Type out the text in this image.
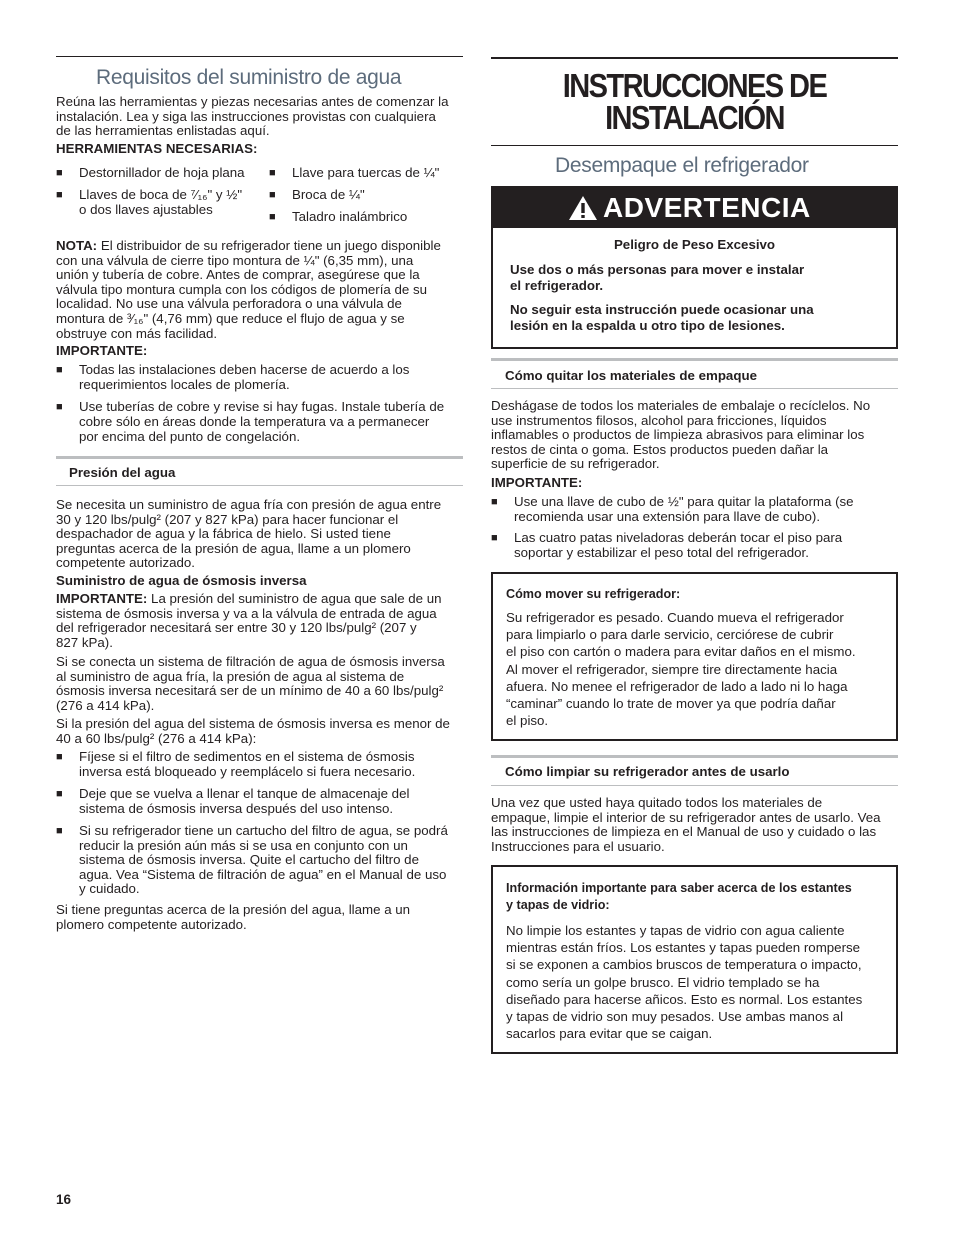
Requisitos del suministro de agua

Reúna las herramientas y piezas necesarias antes de comenzar la

instalación. Lea y siga las instrucciones provistas con cualquiera

de las herramientas enlistadas aquí.

HERRAMIENTAS NECESARIAS:

■ Destornillador de hoja plana
■ Llaves de boca de ⁷⁄₁₆" y ½"
o dos llaves ajustables
■ Llave para tuercas de ¼"
■ Broca de ¼"
■ Taladro inalámbrico

NOTA: El distribuidor de su refrigerador tiene un juego disponible

con una válvula de cierre tipo montura de ¼" (6,35 mm), una

unión y tubería de cobre. Antes de comprar, asegúrese que la

válvula tipo montura cumpla con los códigos de plomería de su

localidad. No use una válvula perforadora o una válvula de

montura de ³⁄₁₆" (4,76 mm) que reduce el flujo de agua y se

obstruye con más facilidad.

IMPORTANTE:

■ Todas las instalaciones deben hacerse de acuerdo a los
requerimientos locales de plomería.
■ Use tuberías de cobre y revise si hay fugas. Instale tubería de
cobre sólo en áreas donde la temperatura va a permanecer
por encima del punto de congelación.

Presión del agua

Se necesita un suministro de agua fría con presión de agua entre

30 y 120 lbs/pulg² (207 y 827 kPa) para hacer funcionar el

despachador de agua y la fábrica de hielo. Si usted tiene

preguntas acerca de la presión de agua, llame a un plomero

competente autorizado.

Suministro de agua de ósmosis inversa

IMPORTANTE: La presión del suministro de agua que sale de un

sistema de ósmosis inversa y va a la válvula de entrada de agua

del refrigerador necesitará ser entre 30 y 120 lbs/pulg² (207 y

827 kPa).

Si se conecta un sistema de filtración de agua de ósmosis inversa

al suministro de agua fría, la presión de agua al sistema de

ósmosis inversa necesitará ser de un mínimo de 40 a 60 lbs/pulg²

(276 a 414 kPa).

Si la presión del agua del sistema de ósmosis inversa es menor de

40 a 60 lbs/pulg² (276 a 414 kPa):

■ Fíjese si el filtro de sedimentos en el sistema de ósmosis
inversa está bloqueado y reemplácelo si fuera necesario.
■ Deje que se vuelva a llenar el tanque de almacenaje del
sistema de ósmosis inversa después del uso intenso.
■ Si su refrigerador tiene un cartucho del filtro de agua, se podrá
reducir la presión aún más si se usa en conjunto con un
sistema de ósmosis inversa. Quite el cartucho del filtro de
agua. Vea “Sistema de filtración de agua” en el Manual de uso
y cuidado.

Si tiene preguntas acerca de la presión del agua, llame a un

plomero competente autorizado.

INSTRUCCIONES DE
INSTALACIÓN
Desempaque el refrigerador
ADVERTENCIA

Peligro de Peso Excesivo

Use dos o más personas para mover e instalar

el refrigerador.

No seguir esta instrucción puede ocasionar una

lesión en la espalda u otro tipo de lesiones.

Cómo quitar los materiales de empaque

Deshágase de todos los materiales de embalaje o recíclelos. No

use instrumentos filosos, alcohol para fricciones, líquidos

inflamables o productos de limpieza abrasivos para eliminar los

restos de cinta o goma. Estos productos pueden dañar la

superficie de su refrigerador.

IMPORTANTE:

■ Use una llave de cubo de ½" para quitar la plataforma (se
recomienda usar una extensión para llave de cubo).
■ Las cuatro patas niveladoras deberán tocar el piso para
soportar y estabilizar el peso total del refrigerador.

Cómo mover su refrigerador:

Su refrigerador es pesado. Cuando mueva el refrigerador

para limpiarlo o para darle servicio, cerciórese de cubrir

el piso con cartón o madera para evitar daños en el mismo.

Al mover el refrigerador, siempre tire directamente hacia

afuera. No menee el refrigerador de lado a lado ni lo haga

“caminar” cuando lo trate de mover ya que podría dañar

el piso.

Cómo limpiar su refrigerador antes de usarlo

Una vez que usted haya quitado todos los materiales de

empaque, limpie el interior de su refrigerador antes de usarlo. Vea

las instrucciones de limpieza en el Manual de uso y cuidado o las

Instrucciones para el usuario.

Información importante para saber acerca de los estantes

y tapas de vidrio:

No limpie los estantes y tapas de vidrio con agua caliente

mientras están fríos. Los estantes y tapas pueden romperse

si se exponen a cambios bruscos de temperatura o impacto,

como sería un golpe brusco. El vidrio templado se ha

diseñado para hacerse añicos. Esto es normal. Los estantes

y tapas de vidrio son muy pesados. Use ambas manos al

sacarlos para evitar que se caigan.

16
